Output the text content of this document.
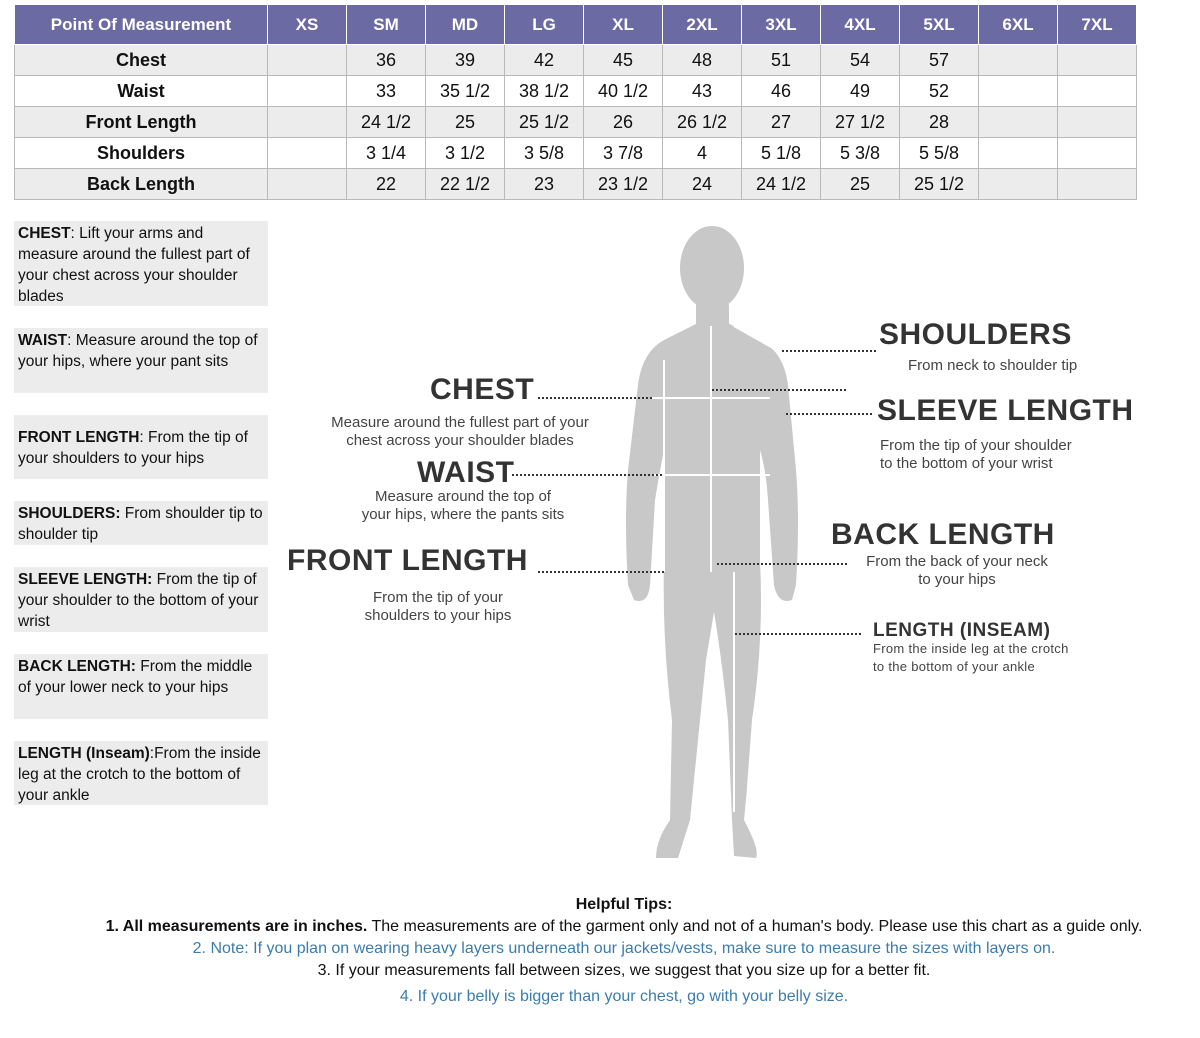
Point Of Measurement	XS	SM	MD	LG	XL	2XL	3XL	4XL	5XL	6XL	7XL
Chest		36	39	42	45	48	51	54	57		
Waist		33	35 1/2	38 1/2	40 1/2	43	46	49	52		
Front Length		24 1/2	25	25 1/2	26	26 1/2	27	27 1/2	28		
Shoulders		3 1/4	3 1/2	3 5/8	3 7/8	4	5 1/8	5 3/8	5 5/8		
Back Length		22	22 1/2	23	23 1/2	24	24 1/2	25	25 1/2		
CHEST: Lift your arms and measure around the fullest part of your chest across your shoulder blades
WAIST: Measure around the top of your hips, where your pant sits
FRONT LENGTH: From the tip of your shoulders to your hips
SHOULDERS: From shoulder tip to shoulder tip
SLEEVE LENGTH: From the tip of your shoulder to the bottom of your wrist
BACK LENGTH: From the middle of your lower neck to your hips
LENGTH (Inseam):From the inside leg at the crotch to the bottom of your ankle
SHOULDERS
From neck to shoulder tip
CHEST
Measure around the fullest part of your
chest across your shoulder blades
SLEEVE LENGTH
From the tip of your shoulder
to the bottom of your wrist
WAIST
Measure around the top of
your hips, where the pants sits
BACK LENGTH
From the back of your neck
to your hips
FRONT LENGTH
From the tip of your
shoulders to your hips
LENGTH (INSEAM)
From the inside leg at the crotch
to the bottom of your ankle
Helpful Tips:
1. All measurements are in inches. The measurements are of the garment only and not of a human's body. Please use this chart as a guide only.
2. Note: If you plan on wearing heavy layers underneath our jackets/vests, make sure to measure the sizes with layers on.
3. If your measurements fall between sizes, we suggest that you size up for a better fit.
4. If your belly is bigger than your chest, go with your belly size.
